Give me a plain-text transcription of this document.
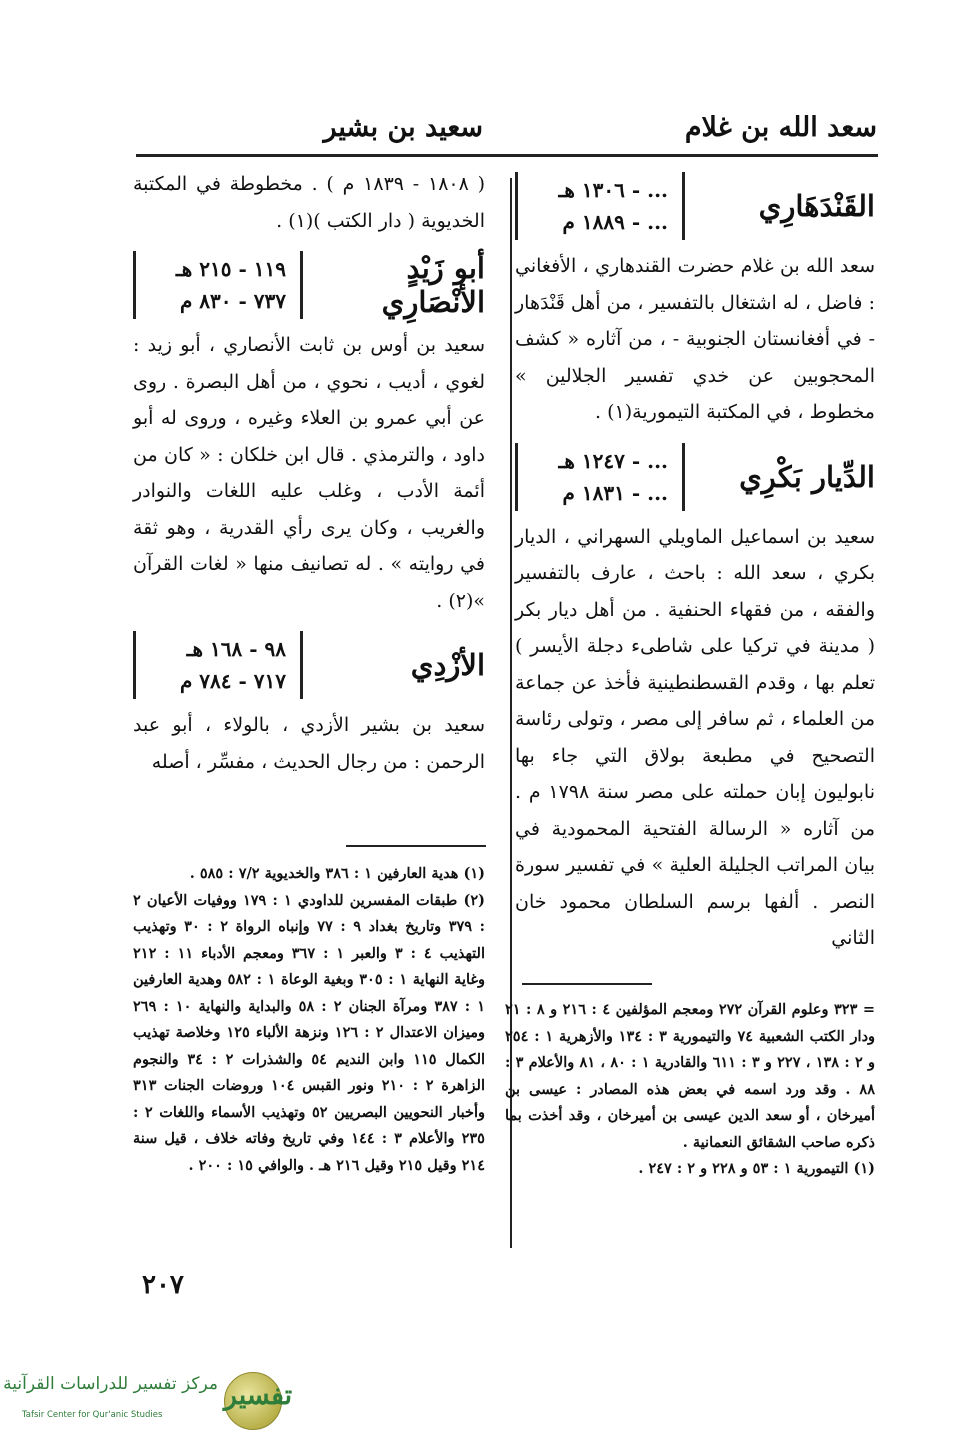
سعد الله بن غلام
سعيد بن بشير
القَنْدَهَارِي
... - ١٣٠٦ هـ
... - ١٨٨٩ م

سعد الله بن غلام حضرت القندهاري ، الأفغاني : فاضل ، له اشتغال بالتفسير ، من أهل قَنْدَهار - في أفغانستان الجنوبية - ، من آثاره « كشف المحجوبين عن خدي تفسير الجلالين » مخطوط ، في المكتبة التيمورية(١) .

الدِّيار بَكْرِي
... - ١٢٤٧ هـ
... - ١٨٣١ م

سعيد بن اسماعيل الماويلي السهراني ، الديار بكري ، سعد الله : باحث ، عارف بالتفسير والفقه ، من فقهاء الحنفية . من أهل ديار بكر ( مدينة في تركيا على شاطىء دجلة الأيسر ) تعلم بها ، وقدم القسطنطينية فأخذ عن جماعة من العلماء ، ثم سافر إلى مصر ، وتولى رئاسة التصحيح في مطبعة بولاق التي جاء بها نابوليون إبان حملته على مصر سنة ١٧٩٨ م . من آثاره « الرسالة الفتحية المحمودية في بيان المراتب الجليلة العلية » في تفسير سورة النصر . ألفها برسم السلطان محمود خان الثاني

( ١٨٠٨ - ١٨٣٩ م ) . مخطوطة في المكتبة الخديوية ( دار الكتب )(١) .

أبو زَيْدٍ
الأنْصَارِي
١١٩ - ٢١٥ هـ
٧٣٧ - ٨٣٠ م

سعيد بن أوس بن ثابت الأنصاري ، أبو زيد : لغوي ، أديب ، نحوي ، من أهل البصرة . روى عن أبي عمرو بن العلاء وغيره ، وروى له أبو داود ، والترمذي . قال ابن خلكان : « كان من أئمة الأدب ، وغلب عليه اللغات والنوادر والغريب ، وكان يرى رأي القدرية ، وهو ثقة في روايته » . له تصانيف منها « لغات القرآن »(٢) .

الأزْدِي
٩٨ - ١٦٨ هـ
٧١٧ - ٧٨٤ م

سعيد بن بشير الأزدي ، بالولاء ، أبو عبد الرحمن : من رجال الحديث ، مفسِّر ، أصله

= ٣٢٣ وعلوم القرآن ٢٧٢ ومعجم المؤلفين ٤ : ٢١٦ و ٨ : ٢١ ودار الكتب الشعبية ٧٤ والتيمورية ٣ : ١٣٤ والأزهرية ١ : ٢٥٤ و ٢ : ١٣٨ ، ٢٢٧ و ٣ : ٦١١ والقادرية ١ : ٨٠ ، ٨١ والأعلام ٣ : ٨٨ . وقد ورد اسمه في بعض هذه المصادر : عيسى بن أميرخان ، أو سعد الدين عيسى بن أميرخان ، وقد أخذت بما ذكره صاحب الشقائق النعمانية .

(١) التيمورية ١ : ٥٣ و ٢٢٨ و ٢ : ٢٤٧ .

(١) هدية العارفين ١ : ٣٨٦ والخديوية ٧/٢ : ٥٨٥ .

(٢) طبقات المفسرين للداودي ١ : ١٧٩ ووفيات الأعيان ٢ : ٣٧٩ وتاريخ بغداد ٩ : ٧٧ وإنباه الرواة ٢ : ٣٠ وتهذيب التهذيب ٤ : ٣ والعبر ١ : ٣٦٧ ومعجم الأدباء ١١ : ٢١٢ وغاية النهاية ١ : ٣٠٥ وبغية الوعاة ١ : ٥٨٢ وهدية العارفين ١ : ٣٨٧ ومرآة الجنان ٢ : ٥٨ والبداية والنهاية ١٠ : ٢٦٩ وميزان الاعتدال ٢ : ١٢٦ ونزهة الألباء ١٢٥ وخلاصة تهذيب الكمال ١١٥ وابن النديم ٥٤ والشذرات ٢ : ٣٤ والنجوم الزاهرة ٢ : ٢١٠ ونور القبس ١٠٤ وروضات الجنات ٣١٣ وأخبار النحويين البصريين ٥٢ وتهذيب الأسماء واللغات ٢ : ٢٣٥ والأعلام ٣ : ١٤٤ وفي تاريخ وفاته خلاف ، قيل سنة ٢١٤ وقيل ٢١٥ وقيل ٢١٦ هـ . والوافي ١٥ : ٢٠٠ .

٢٠٧
تفسير
مركز تفسير للدراسات القرآنية
Tafsir Center for Qur'anic Studies
